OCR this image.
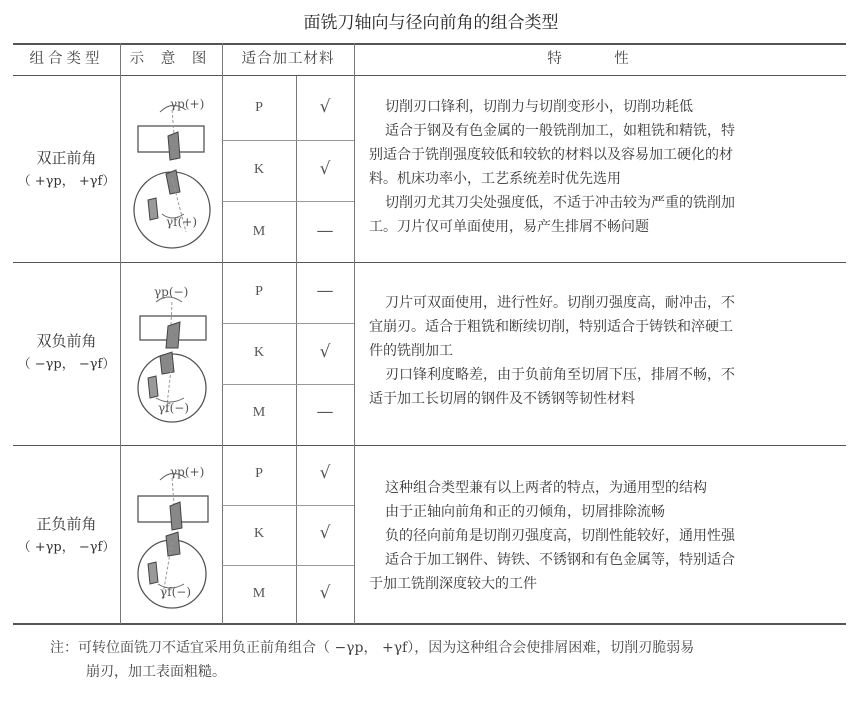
面铣刀轴向与径向前角的组合类型
组合类型	示 意 图	适合加工材料	特 性
双正前角
（ +γp， +γf）
γp(+)
γf(+)
P	√
K	√
M	—

切削刃口锋利，切削力与切削变形小，切削功耗低

适合于钢及有色金属的一般铣削加工，如粗铣和精铣，特

别适合于铣削强度较低和较软的材料以及容易加工硬化的材

料。机床功率小，工艺系统差时优先选用

切削刃尤其刀尖处强度低，不适于冲击较为严重的铣削加

工。刀片仅可单面使用，易产生排屑不畅问题

双负前角
（ −γp， −γf）
γp(−)
γf(−)
P	—
K	√
M	—

刀片可双面使用，进行性好。切削刃强度高，耐冲击，不

宜崩刃。适合于粗铣和断续切削，特别适合于铸铁和淬硬工

件的铣削加工

刃口锋利度略差，由于负前角至切屑下压，排屑不畅，不

适于加工长切屑的钢件及不锈钢等韧性材料

正负前角
（ +γp， −γf）
γp(+)
γf(−)
P	√
K	√
M	√

这种组合类型兼有以上两者的特点，为通用型的结构

由于正轴向前角和正的刃倾角，切屑排除流畅

负的径向前角是切削刃强度高，切削性能较好，通用性强

适合于加工钢件、铸铁、不锈钢和有色金属等，特别适合

于加工铣削深度较大的工件

注：可转位面铣刀不适宜采用负正前角组合（ −γp， +γf），因为这种组合会使排屑困难，切削刃脆弱易
崩刃，加工表面粗糙。
